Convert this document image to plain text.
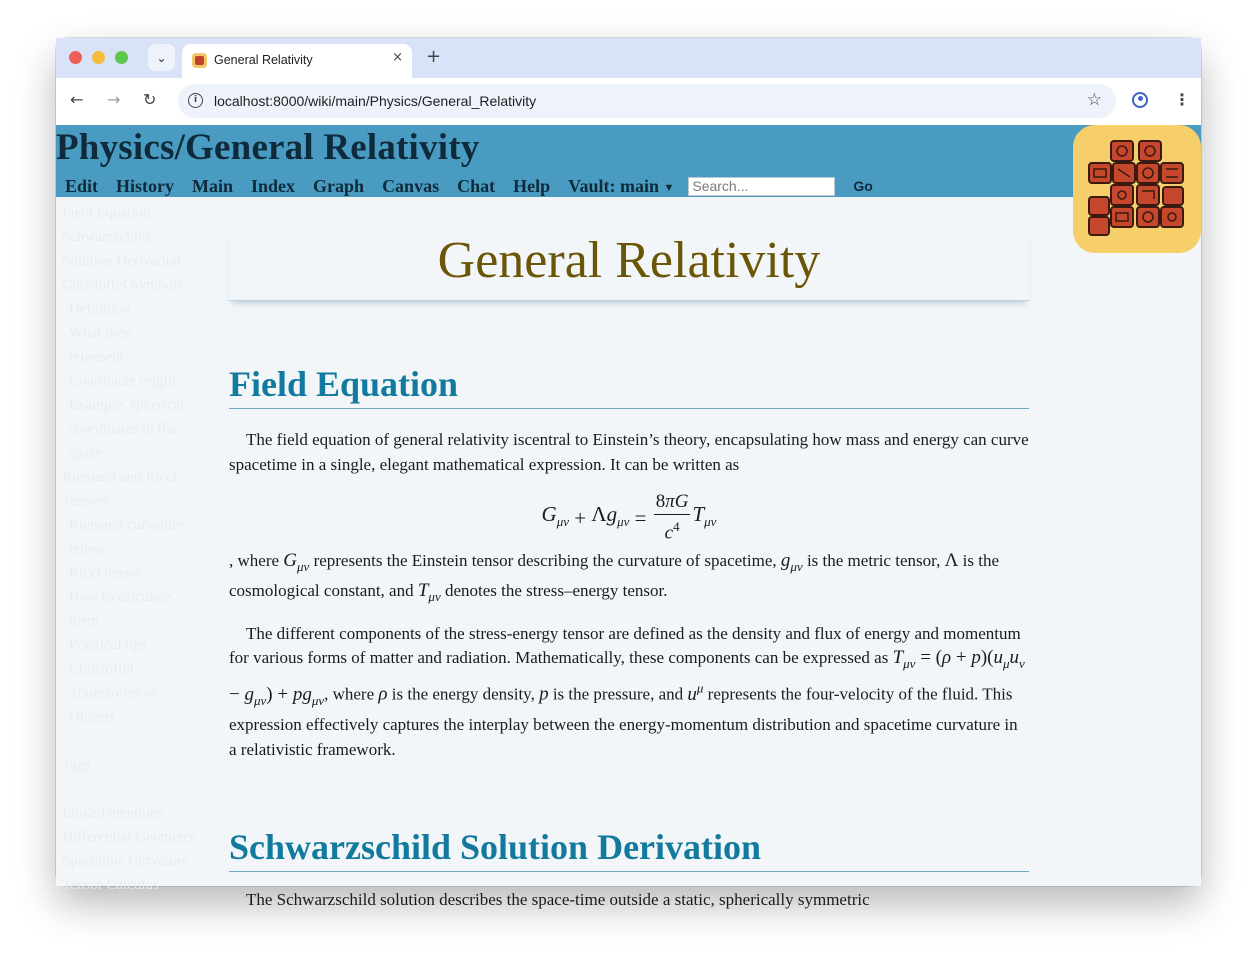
⌄	General Relativity	× +
← → ↻	i	localhost:8000/wiki/main/Physics/General_Relativity	☆	⋮
Field Equation
Schwarzschild
Solution Derivation
Christoffel Symbols
Definition
What they
represent
Coordinate origin
Example: spherical
coordinates in flat
space
Riemann and Ricci
Tensors
Riemann curvature
tensor
Ricci tensor
How to calculate
them
Practical tips
Christoffel
Trajectories of
Objects
Tags
Linked mentions
Differential Geometry
Spacetime Curvature
Tensor Calculus
Physics/General Relativity
Edit History Main Index Graph Canvas Chat Help Vault: main ▼
Search...	Go
General Relativity
Field Equation

The field equation of general relativity iscentral to Einstein’s theory, encapsulating how mass and energy can curve spacetime in a single, elegant mathematical expression. It can be written as

$G_{\mu\nu} + \Lambda g_{\mu\nu} = \frac{8\pi G}{c^4} T_{\mu\nu}$

, where $G_{\mu\nu}$ represents the Einstein tensor describing the curvature of spacetime, $g_{\mu\nu}$ is the metric tensor, Λ is the cosmological constant, and $T_{\mu\nu}$ denotes the stress–energy tensor.

The different components of the stress-energy tensor are defined as the density and flux of energy and momentum for various forms of matter and radiation. Mathematically, these components can be expressed as $T_{\mu\nu} = (\rho + p)(u_\mu u_\nu - g_{\mu\nu}) + pg_{\mu\nu}$, where ρ is the energy density, p is the pressure, and $u^\mu$ represents the four-velocity of the fluid. This expression effectively captures the interplay between the energy-momentum distribution and spacetime curvature in a relativistic framework.

Schwarzschild Solution Derivation

The Schwarzschild solution describes the space-time outside a static, spherically symmetric
